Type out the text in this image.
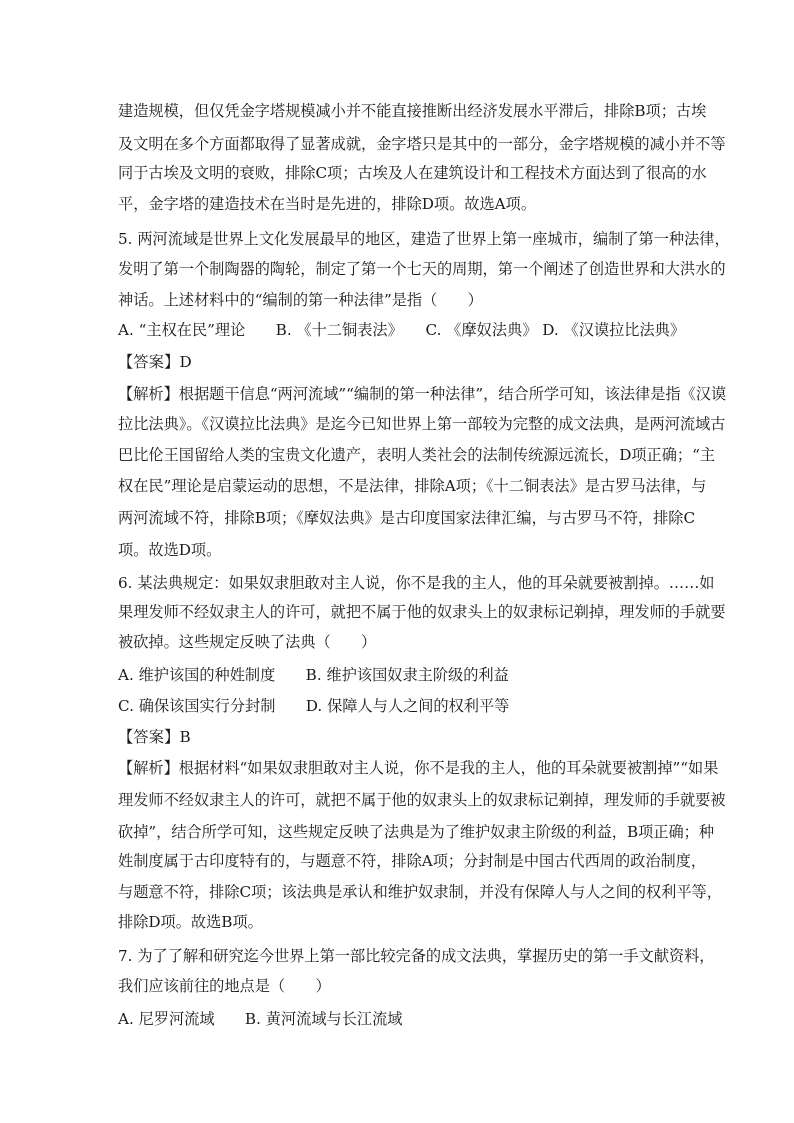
建造规模，但仅凭金字塔规模减小并不能直接推断出经济发展水平滞后，排除B项；古埃
及文明在多个方面都取得了显著成就，金字塔只是其中的一部分，金字塔规模的减小并不等
同于古埃及文明的衰败，排除C项；古埃及人在建筑设计和工程技术方面达到了很高的水
平，金字塔的建造技术在当时是先进的，排除D项。故选A项。
5. 两河流域是世界上文化发展最早的地区，建造了世界上第一座城市，编制了第一种法律，
发明了第一个制陶器的陶轮，制定了第一个七天的周期，第一个阐述了创造世界和大洪水的
神话。上述材料中的“编制的第一种法律”是指（　　）
A. “主权在民”理论　　B. 《十二铜表法》　　C. 《摩奴法典》 D. 《汉谟拉比法典》
【答案】D
【解析】根据题干信息“两河流域”“编制的第一种法律”，结合所学可知，该法律是指《汉谟
拉比法典》。《汉谟拉比法典》是迄今已知世界上第一部较为完整的成文法典，是两河流域古
巴比伦王国留给人类的宝贵文化遗产，表明人类社会的法制传统源远流长，D项正确；“主
权在民”理论是启蒙运动的思想，不是法律，排除A项；《十二铜表法》是古罗马法律，与
两河流域不符，排除B项；《摩奴法典》是古印度国家法律汇编，与古罗马不符，排除C
项。故选D项。
6. 某法典规定：如果奴隶胆敢对主人说，你不是我的主人，他的耳朵就要被割掉。……如
果理发师不经奴隶主人的许可，就把不属于他的奴隶头上的奴隶标记剃掉，理发师的手就要
被砍掉。这些规定反映了法典（　　）
A. 维护该国的种姓制度　　B. 维护该国奴隶主阶级的利益
C. 确保该国实行分封制　　D. 保障人与人之间的权利平等
【答案】B
【解析】根据材料“如果奴隶胆敢对主人说，你不是我的主人，他的耳朵就要被割掉”“如果
理发师不经奴隶主人的许可，就把不属于他的奴隶头上的奴隶标记剃掉，理发师的手就要被
砍掉”，结合所学可知，这些规定反映了法典是为了维护奴隶主阶级的利益，B项正确；种
姓制度属于古印度特有的，与题意不符，排除A项；分封制是中国古代西周的政治制度，
与题意不符，排除C项；该法典是承认和维护奴隶制，并没有保障人与人之间的权利平等，
排除D项。故选B项。
7. 为了了解和研究迄今世界上第一部比较完备的成文法典，掌握历史的第一手文献资料，
我们应该前往的地点是（　　）
A. 尼罗河流域　　B. 黄河流域与长江流域
